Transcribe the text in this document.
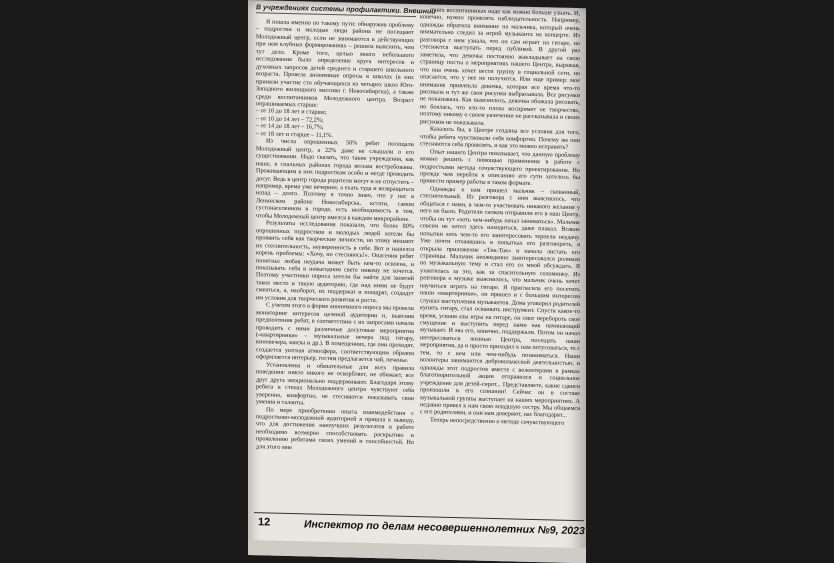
В учреждениях системы профилактики. Внешний

Я пошла именно по такому пути: обнаружив проблему – подростки и молодые люди района не посещают Молодежный центр, если не занимаются в действующих при нем клубных формированиях – решила выяснить, чем тут дело. Кроме того, целью моего небольшого исследования было определение круга интересов и духовных запросов детей среднего и старшего школьного возраста. Провела анонимные опросы в школах (в них приняли участие сто обучающихся из четырех школ Юго-Западного жилищного массива г. Новосибирска), а также среди воспитанников Молодежного центра. Возраст опрашиваемых старше:

– от 10 до 18 лет и старше;

– от 10 до 14 лет – 72,2%;

– от 14 до 18 лет – 16,7%;

– от 18 лет и старше – 11,1%.

Из числа опрошенных 50% ребят посещали Молодежный центр, а 22% даже не слышали о его существовании. Надо сказать, что такие учреждения, как наше, в спальных районах города весьма востребованы. Проживающим в них подросткам особо и негде проводить досуг. Ведь в центр города родители могут и не отпустить – например, время уже вечернее, а ехать туда и возвращаться назад – долго. Поэтому я точно знаю, что у нас в Ленинском районе Новосибирска, кстати, самом густонаселенном в городе, есть необходимость в том, чтобы Молодежный центр имелся в каждом микрорайоне.

Результаты исследования показали, что более 80% опрошенных подростков и молодых людей хотели бы проявить себя как творческие личности, но этому мешают их стеснительность, неуверенность в себе. Вот и нашелся корень проблемы: «Хочу, но стесняюсь!». Опасения ребят понятны: любая неудача может быть кем-то освоена, и показывать себя в невыгодном свете никому не хочется. Поэтому участники опроса хотели бы найти для занятий такое место и такую аудиторию, где над ними не будут смеяться, а, наоборот, их поддержат и поощрят, создадут им условия для творческого развития и роста.

С учетом этого в форме анонимного опроса мы провели мониторинг интересов целевой аудитории и, выяснив предпочтения ребят, в соответствии с их запросами начали проводить с ними различные досуговые мероприятия («квартирники» – музыкальные вечера под гитару, киновечера, квизы и др.). В помещениях, где они проходят, создается уютная атмосфера, соответствующим образом оформляется интерьер, гостям предлагается чай, печенье.

Установлены и обязательные для всех правила поведения: никто никого не оскорбляет, не обижает, все друг друга эмоционально поддерживают. Благодаря этому ребята в стенах Молодежного центра чувствуют себя уверенно, комфортно, не стесняются показывать свои умения и таланты.

По мере приобретения опыта взаимодействия с подростково-молодежной аудиторией я пришла к выводу, что для достижения наилучших результатов в работе необходимо всемерно способствовать раскрытию и проявлению ребятами своих умений и способностей. Но для этого мне

о них воспитанниках надо как можно больше узнать. И, конечно, нужно проявлять наблюдательность. Например, однажды обратила внимание на мальчика, который очень внимательно следил за игрой музыканта на концерте. Из разговора с ним узнала, что он сам играет на гитаре, но стесняется выступать перед публикой. В другой раз заметила, что девочка постоянно выкладывает на свою страницу посты о мероприятиях нашего Центра, выражая, что она очень хочет вести группу в социальной сети, но опасается, что у нее не получится. Или еще пример: мое внимание привлекла девочка, которая все время что-то рисовала и тут же свои рисунки выбрасывала. Все рисунки не показывала. Как выяснилось, девочка обожала рисовать, но боялась, что кто-то плохо воспримет ее творчество, поэтому никому о своем увлечении не рассказывала и своих рисунков не показывала.

Казалось бы, в Центре созданы все условия для того, чтобы ребята чувствовали себя комфортно. Почему же они стесняются себя проявлять, и как это можно исправить?

Опыт нашего Центра показывает, что данную проблему можно решить с помощью применения в работе с подростками метода сочувствующего проектирования. Но прежде чем перейти к описанию его сути хотелось бы привести пример работы в таком формате.

Однажды к нам пришел мальчик – скованный, стеснительный. Из разговора с ним выяснилось, что общаться с нами, в чем-то участвовать никакого желания у него не было. Родители силком отправили его в наш Центр, чтобы он тут «хоть чем-нибудь начал заниматься». Мальчик совсем не хотел здесь находиться, даже плакал. Всякие попытки хоть чем-то его заинтересовать терпели неудачу. Уже почти отчаявшись в попытках его разговорить, я открыла приложение «Тик-Ток» и начала листать его страницы. Мальчик неожиданно заинтересовался роликом на музыкальную тему и стал его со мной обсуждать. Я ухватилась за это, как за спасительную соломинку. Из разговора о музыке выяснилось, что мальчик очень хочет научиться играть на гитаре. Я пригласила его посетить наши «квартирники», он пришел и с большим интересом слушал выступления музыкантов. Дома уговорил родителей купить гитару, стал осваивать инструмент. Спустя какое-то время, усвоив азы игры на гитаре, он смог перебороть свое смущение и выступить перед нами как начинающий музыкант. И мы его, конечно, поддержали. Потом он начал интересоваться жизнью Центра, посещать наши мероприятия, да и просто приходил к нам потусоваться, то с тем, то с кем или чем-нибудь позаниматься. Наши волонтеры занимаются добровольческой деятельностью, и однажды этот подросток вместе с волонтерами в рамках благотворительной акции отправился в социальное учреждение для детей-сирот... Представляете, какие сдвиги произошли в его сознании! Сейчас он в составе музыкальной группы выступает на наших мероприятиях. А недавно привел к нам свою младшую сестру. Мы общаемся с его родителями, и они нам доверяют, нас благодарят...

Теперь непосредственно о методе сочувствующего

12	Инспектор по делам несовершеннолетних №9, 2023
